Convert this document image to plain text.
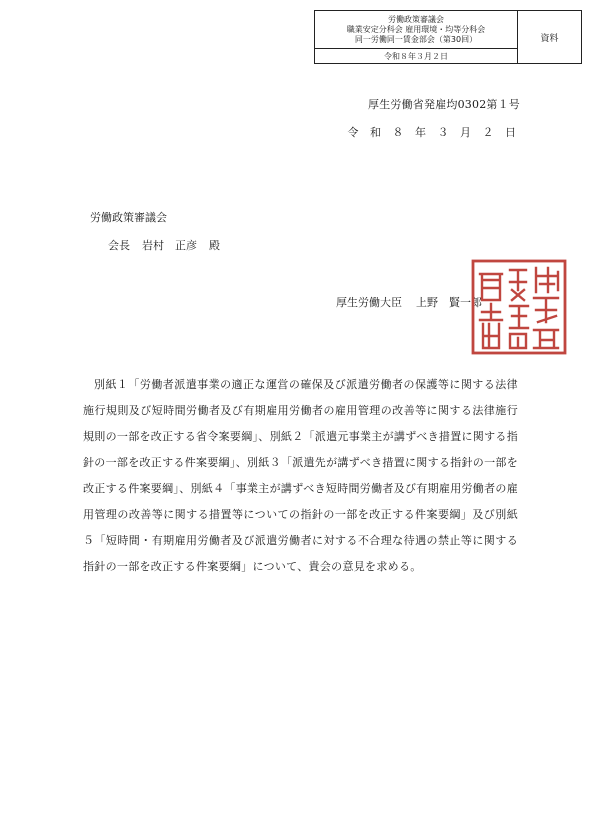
労働政策審議会
職業安定分科会 雇用環境・均等分科会
同一労働同一賃金部会（第30回）
令和８年３月２日
資料
厚生労働省発雇均0302第１号
令 和 ８ 年 ３ 月 ２ 日
労働政策審議会
会長 岩村　正彦 殿
厚生労働大臣 上野　賢一郎
別紙１「労働者派遣事業の適正な運営の確保及び派遣労働者の保護等に関する法律施行規則及び短時間労働者及び有期雇用労働者の雇用管理の改善等に関する法律施行規則の一部を改正する省令案要綱」、別紙２「派遣元事業主が講ずべき措置に関する指針の一部を改正する件案要綱」、別紙３「派遣先が講ずべき措置に関する指針の一部を改正する件案要綱」、別紙４「事業主が講ずべき短時間労働者及び有期雇用労働者の雇用管理の改善等に関する措置等についての指針の一部を改正する件案要綱」及び別紙５「短時間・有期雇用労働者及び派遣労働者に対する不合理な待遇の禁止等に関する指針の一部を改正する件案要綱」について、貴会の意見を求める。
